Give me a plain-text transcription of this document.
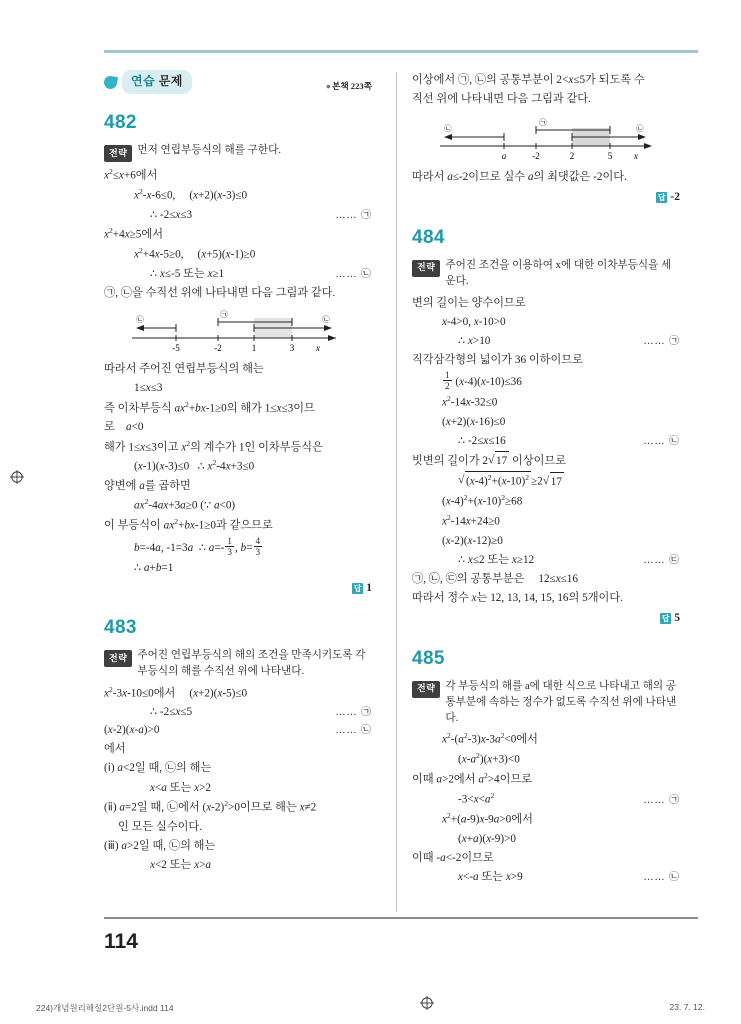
연습 문제	● 본책 223쪽
482
전략 먼저 연립부등식의 해를 구한다.

$x^2\le x+6$에서

$x^2-x-6\le 0$,     (x+2)(x-3)≤0

∴ -2≤x≤3	…… ㉠

$x^2+4x\ge 5$에서

$x^2+4x-5\ge 0$,     (x+5)(x-1)≥0

∴ x≤-5 또는 x≥1	…… ㉡

㉠, ㉡을 수직선 위에 나타내면 다음 그림과 같다.

-5	-2	1	3 x
㉡
㉠
㉡

따라서 주어진 연립부등식의 해는

1≤x≤3

즉 이차부등식 $ax^2+bx-1\ge 0$의 해가 1≤x≤3이므

로    a<0

해가 1≤x≤3이고 $x^2$의 계수가 1인 이차부등식은

(x-1)(x-3)≤0   ∴ $x^2-4x+3\le 0$

양변에 a를 곱하면

$ax^2-4ax+3a\ge 0$ (∵ a<0)

이 부등식이 $ax^2+bx-1\ge 0$과 같으므로

b=-4a, -1=3a  ∴ $a=- \frac{1}{3}$ , $b= \frac{4}{3}$

∴ a+b=1
답 1
483
전략 주어진 연립부등식의 해의 조건을 만족시키도록 각 부등식의 해를 수직선 위에 나타낸다.
$x^2-3x-10\le 0$에서     (x+2)(x-5)≤0
∴ -2≤x≤5	…… ㉠
(x-2)(x-a)>0	…… ㉡

에서

(ⅰ) a<2일 때, ㉡의 해는

x<a 또는 x>2

(ⅱ) a=2일 때, ㉡에서 $(x-2)^2>0$이므로 해는 x≠2

인 모든 실수이다.

(ⅲ) a>2일 때, ㉡의 해는

x<2 또는 x>a

이상에서 ㉠, ㉡의 공통부분이 2<x≤5가 되도록 수

직선 위에 나타내면 다음 그림과 같다.

a	-2	2	5 x
㉡
㉠
㉡

따라서 a≤-2이므로 실수 a의 최댓값은 -2이다.

답 -2
484
전략 주어진 조건을 이용하여 x에 대한 이차부등식을 세운다.

변의 길이는 양수이므로

x-4>0, x-10>0

∴ x>10	…… ㉠

직각삼각형의 넓이가 36 이하이므로

$\frac{1}{2} (x-4)(x-10)\le 36$

$x^2-14x-32\le 0$

(x+2)(x-16)≤0

∴ -2≤x≤16	…… ㉡

빗변의 길이가 2 √ 17 이상이므로

√ $(x-4)^2+(x-10)^2 \ge 2$ √ 17

$(x-4)^2+(x-10)^2\ge 68$

$x^2-14x+24\ge 0$

(x-2)(x-12)≥0

∴ x≤2 또는 x≥12	…… ㉢

㉠, ㉡, ㉢의 공통부분은     12≤x≤16

따라서 정수 x는 12, 13, 14, 15, 16의 5개이다.

답 5
485
전략 각 부등식의 해를 a에 대한 식으로 나타내고 해의 공통부분에 속하는 정수가 없도록 수직선 위에 나타낸다.

$x^2-(a^2-3)x-3a^2<0$에서

$(x-a^2)(x+3)<0$

이때 a>2에서 $a^2>4$이므로

$-3<x<a^2$	…… ㉠

$x^2+(a-9)x-9a>0$에서

(x+a)(x-9)>0

이때 -a<-2이므로

x<-a 또는 x>9	…… ㉡
114
224)개념원리해설2단원-5사.indd 114	23. 7. 12.
